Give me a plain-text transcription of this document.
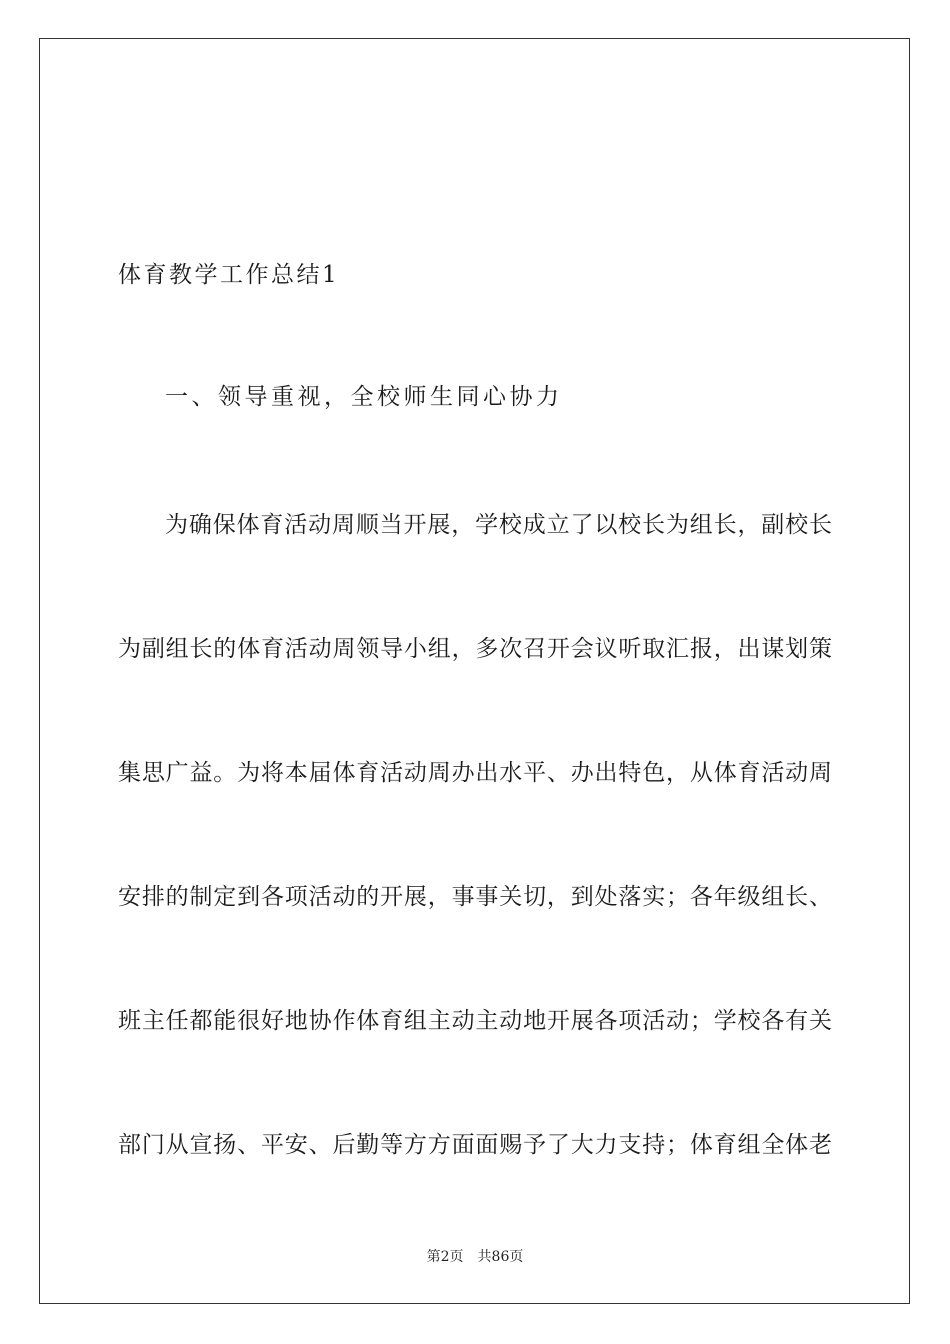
体育教学工作总结1
一、领导重视，全校师生同心协力
为确保体育活动周顺当开展，学校成立了以校长为组长，副校长
为副组长的体育活动周领导小组，多次召开会议听取汇报，出谋划策
集思广益。为将本届体育活动周办出水平、办出特色，从体育活动周
安排的制定到各项活动的开展，事事关切，到处落实；各年级组长、
班主任都能很好地协作体育组主动主动地开展各项活动；学校各有关
部门从宣扬、平安、后勤等方方面面赐予了大力支持；体育组全体老
第2页　共86页
